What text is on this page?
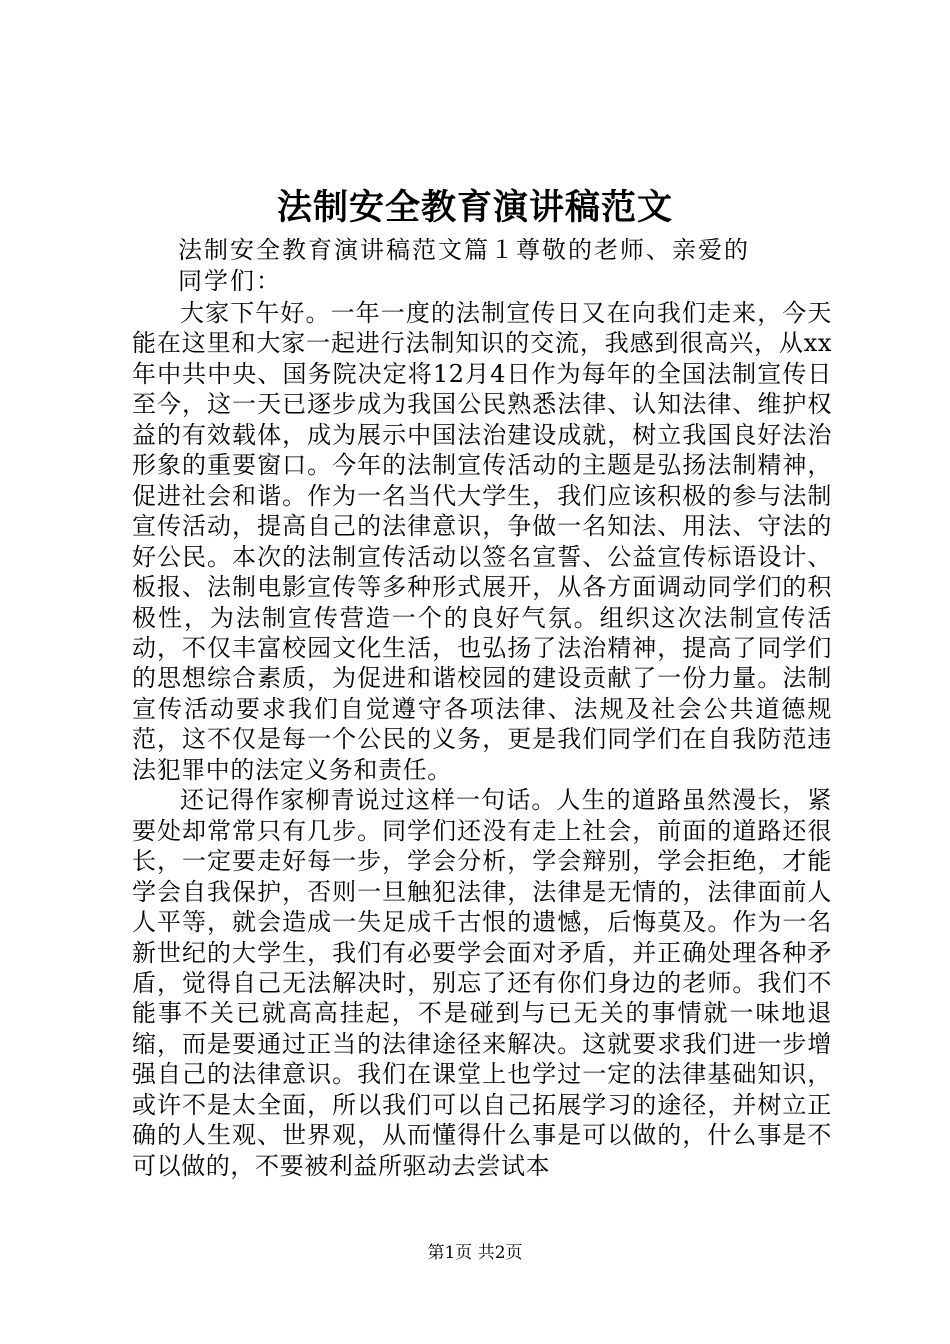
法制安全教育演讲稿范文
法制安全教育演讲稿范文篇１尊敬的老师、亲爱的
同学们：

大家下午好。一年一度的法制宣传日又在向我们走来，今天能在这里和大家一起进行法制知识的交流，我感到很高兴，从xx年中共中央、国务院决定将12月4日作为每年的全国法制宣传日至今，这一天已逐步成为我国公民熟悉法律、认知法律、维护权益的有效载体，成为展示中国法治建设成就，树立我国良好法治形象的重要窗口。今年的法制宣传活动的主题是弘扬法制精神，促进社会和谐。作为一名当代大学生，我们应该积极的参与法制宣传活动，提高自己的法律意识，争做一名知法、用法、守法的好公民。本次的法制宣传活动以签名宣誓、公益宣传标语设计、板报、法制电影宣传等多种形式展开，从各方面调动同学们的积极性，为法制宣传营造一个的良好气氛。组织这次法制宣传活动，不仅丰富校园文化生活，也弘扬了法治精神，提高了同学们的思想综合素质，为促进和谐校园的建设贡献了一份力量。法制宣传活动要求我们自觉遵守各项法律、法规及社会公共道德规范，这不仅是每一个公民的义务，更是我们同学们在自我防范违法犯罪中的法定义务和责任。

还记得作家柳青说过这样一句话。人生的道路虽然漫长，紧要处却常常只有几步。同学们还没有走上社会，前面的道路还很长，一定要走好每一步，学会分析，学会辩别，学会拒绝，才能学会自我保护，否则一旦触犯法律，法律是无情的，法律面前人人平等，就会造成一失足成千古恨的遗憾，后悔莫及。作为一名新世纪的大学生，我们有必要学会面对矛盾，并正确处理各种矛盾，觉得自己无法解决时，别忘了还有你们身边的老师。我们不能事不关已就高高挂起，不是碰到与已无关的事情就一味地退缩，而是要通过正当的法律途径来解决。这就要求我们进一步增强自己的法律意识。我们在课堂上也学过一定的法律基础知识，或许不是太全面，所以我们可以自己拓展学习的途径，并树立正确的人生观、世界观，从而懂得什么事是可以做的，什么事是不可以做的，不要被利益所驱动去尝试本

第1页 共2页
